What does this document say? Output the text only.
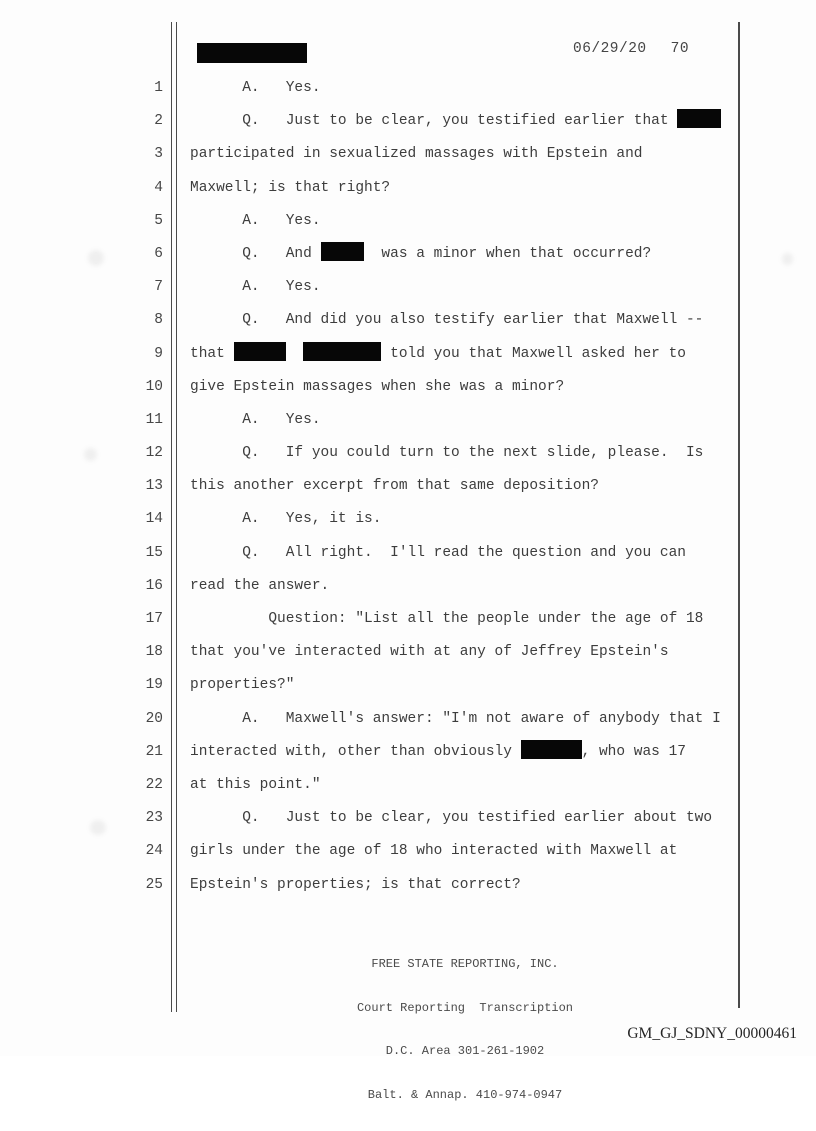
06/29/20 70
1 A.   Yes.
2 Q.   Just to be clear, you testified earlier that
3 participated in sexualized massages with Epstein and
4 Maxwell; is that right?
5 A.   Yes.
6 Q.   And	was a minor when that occurred?
7 A.   Yes.
8 Q.   And did you also testify earlier that Maxwell --
9 that	told you that Maxwell asked her to
10 give Epstein massages when she was a minor?
11 A.   Yes.
12 Q.   If you could turn to the next slide, please.  Is
13 this another excerpt from that same deposition?
14 A.   Yes, it is.
15 Q.   All right.  I'll read the question and you can
16 read the answer.
17 Question: "List all the people under the age of 18
18 that you've interacted with at any of Jeffrey Epstein's
19 properties?"
20 A.   Maxwell's answer: "I'm not aware of anybody that I
21 interacted with, other than obviously	, who was 17
22 at this point."
23 Q.   Just to be clear, you testified earlier about two
24 girls under the age of 18 who interacted with Maxwell at
25 Epstein's properties; is that correct?

FREE STATE REPORTING, INC.

Court Reporting  Transcription

D.C. Area 301-261-1902

Balt. & Annap. 410-974-0947

GM_GJ_SDNY_00000461
